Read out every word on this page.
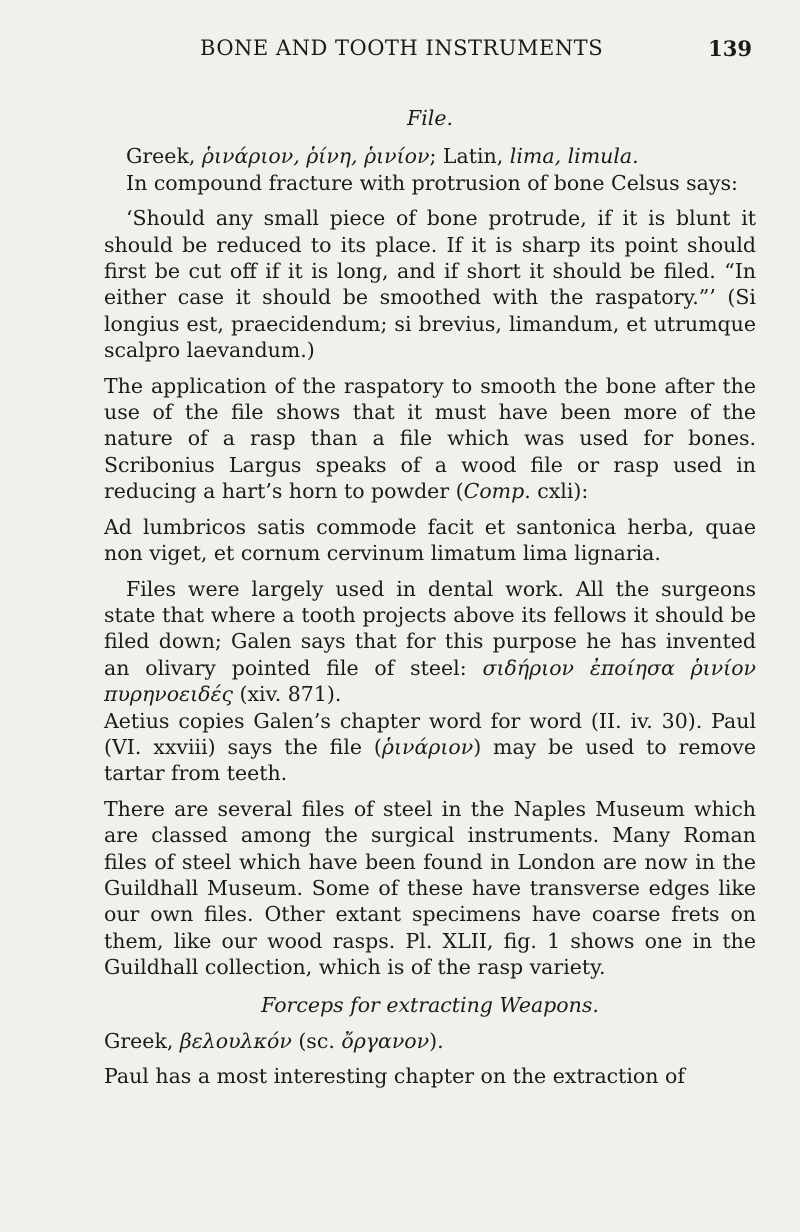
BONE AND TOOTH INSTRUMENTS	139

File.

Greek, ῥινάριον, ῥίνη, ῥινίον; Latin, lima, limula.

In compound fracture with protrusion of bone Celsus says:

‘Should any small piece of bone protrude, if it is blunt it should be reduced to its place. If it is sharp its point should first be cut off if it is long, and if short it should be filed. “In either case it should be smoothed with the raspatory.”’ (Si longius est, praecidendum; si brevius, limandum, et utrumque scalpro laevandum.)

The application of the raspatory to smooth the bone after the use of the file shows that it must have been more of the nature of a rasp than a file which was used for bones. Scribonius Largus speaks of a wood file or rasp used in reducing a hart’s horn to powder (Comp. cxli):

Ad lumbricos satis commode facit et santonica herba, quae non viget, et cornum cervinum limatum lima lignaria.

Files were largely used in dental work. All the surgeons state that where a tooth projects above its fellows it should be filed down; Galen says that for this purpose he has invented an olivary pointed file of steel: σιδήριον ἐποίησα ῥινίον πυρηνοειδές (xiv. 871).

Aetius copies Galen’s chapter word for word (II. iv. 30). Paul (VI. xxviii) says the file (ῥινάριον) may be used to remove tartar from teeth.

There are several files of steel in the Naples Museum which are classed among the surgical instruments. Many Roman files of steel which have been found in London are now in the Guildhall Museum. Some of these have transverse edges like our own files. Other extant specimens have coarse frets on them, like our wood rasps. Pl. XLII, fig. 1 shows one in the Guildhall collection, which is of the rasp variety.

Forceps for extracting Weapons.

Greek, βελουλκόν (sc. ὄργανον).

Paul has a most interesting chapter on the extraction of
